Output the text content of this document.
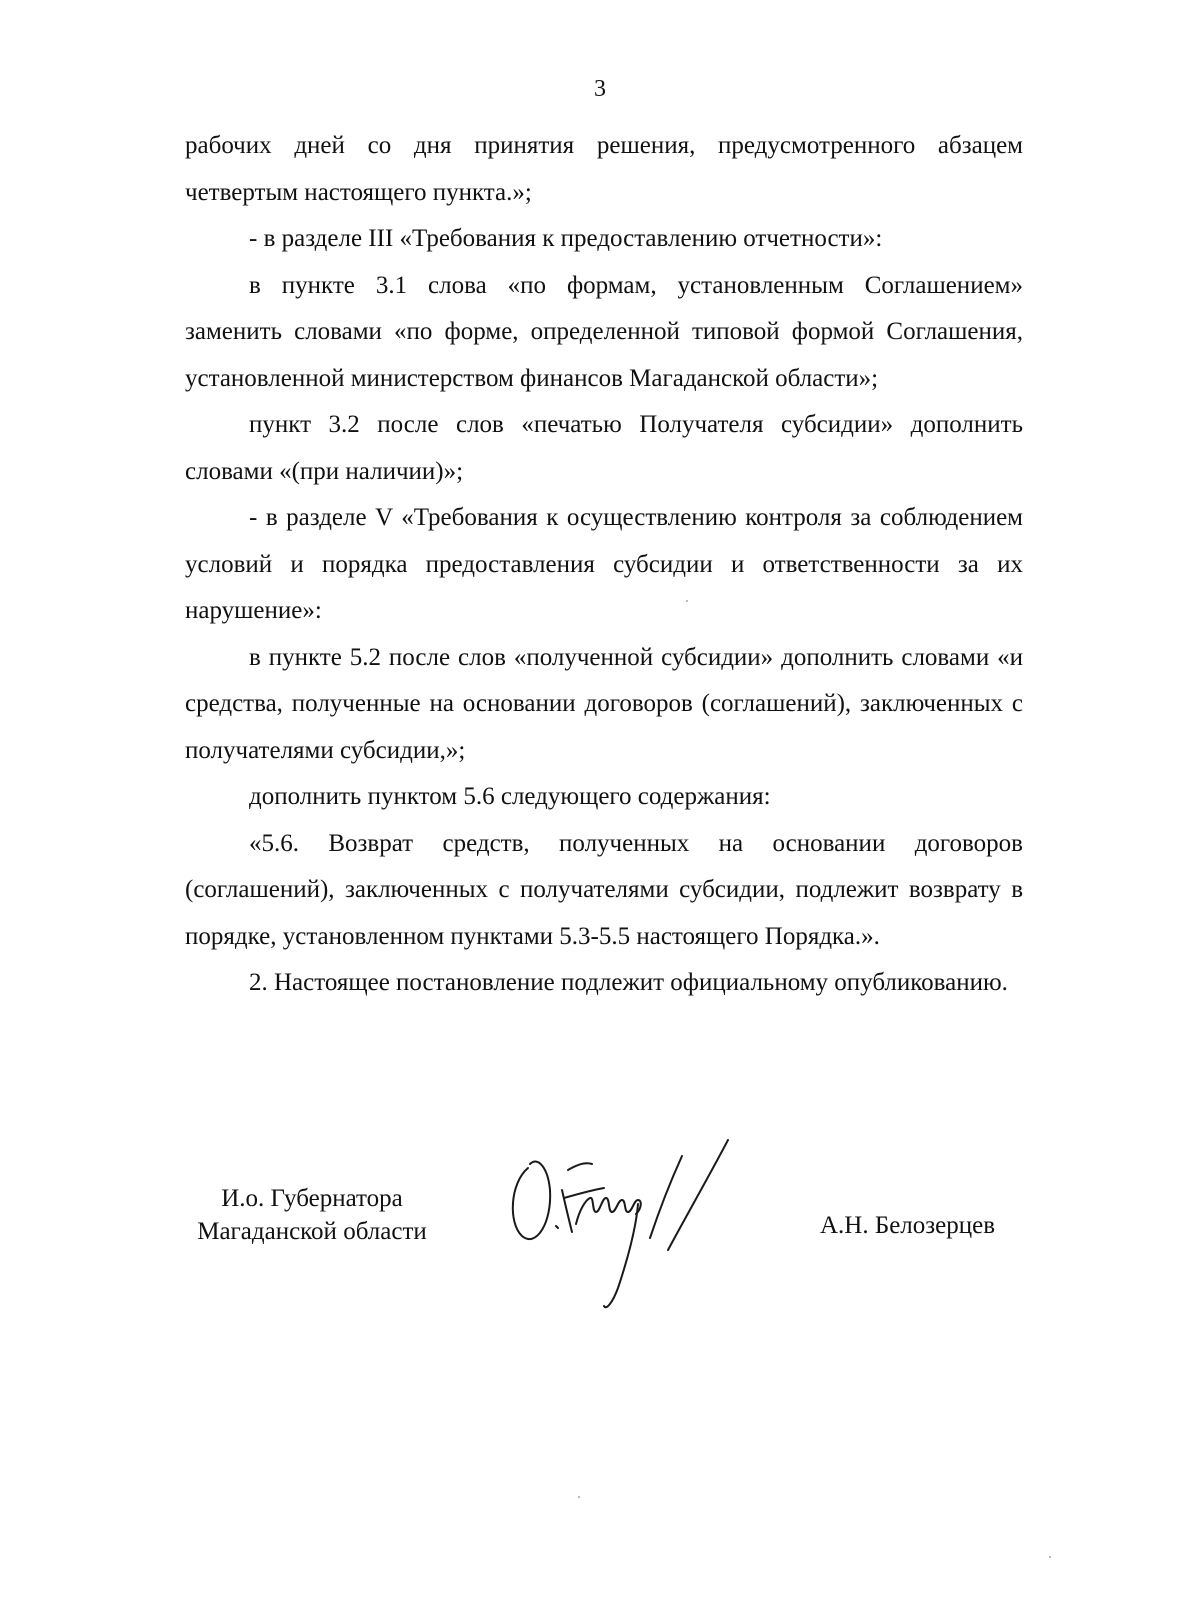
3

рабочих дней со дня принятия решения, предусмотренного абзацем четвертым настоящего пункта.»;

- в разделе III «Требования к предоставлению отчетности»:

в пункте 3.1 слова «по формам, установленным Соглашением» заменить словами «по форме, определенной типовой формой Соглашения, установленной министерством финансов Магаданской области»;

пункт 3.2 после слов «печатью Получателя субсидии» дополнить словами «(при наличии)»;

- в разделе V «Требования к осуществлению контроля за соблюдением условий и порядка предоставления субсидии и ответственности за их нарушение»:

в пункте 5.2 после слов «полученной субсидии» дополнить словами «и средства, полученные на основании договоров (соглашений), заключенных с получателями субсидии,»;

дополнить пунктом 5.6 следующего содержания:

«5.6. Возврат средств, полученных на основании договоров (соглашений), заключенных с получателями субсидии, подлежит возврату в порядке, установленном пунктами 5.3-5.5 настоящего Порядка.».

2. Настоящее постановление подлежит официальному опубликованию.

И.о. Губернатора
Магаданской области	А.Н. Белозерцев
